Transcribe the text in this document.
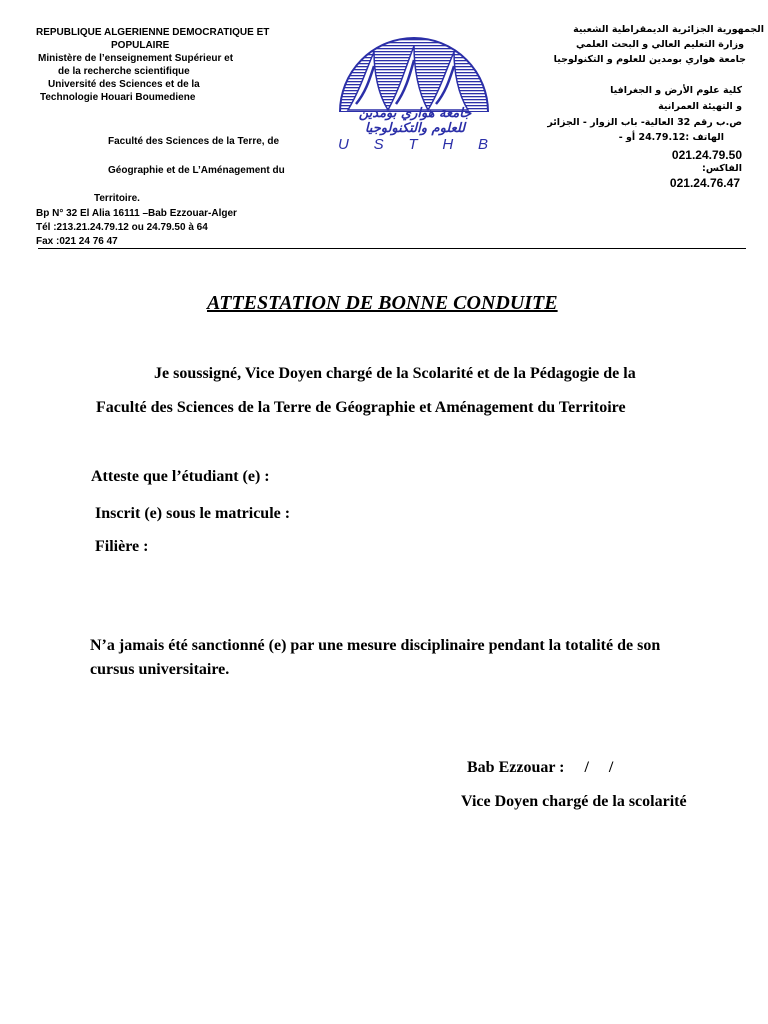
REPUBLIQUE ALGERIENNE DEMOCRATIQUE ET

POPULAIRE

Ministère de l’enseignement Supérieur et

de la recherche scientifique

Université des Sciences et de la

Technologie Houari Boumediene

Faculté des Sciences de la Terre, de

Géographie et de L’Aménagement du

Territoire.

Bp N° 32 El Alia 16111 –Bab Ezzouar-Alger

Tél :213.21.24.79.12 ou 24.79.50 à 64

Fax :021 24 76 47

جامعة هواري بومدين
للعلوم والتكنولوجيا
U S T H B

الجمهورية الجزائرية الديمقراطية الشعبية

وزارة التعليم العالي و البحث العلمي

جامعة هواري بومدين للعلوم و التكنولوجيا

كلية علوم الأرض و الجغرافيا

و التهيئة العمرانية

ص.ب رقم 32 العالية- باب الزوار - الجزائر

الهاتف :24.79.12 أو -

021.24.79.50

الفاكس:

021.24.76.47

ATTESTATION DE BONNE CONDUITE

Je soussigné, Vice Doyen chargé de la Scolarité et de la Pédagogie de la

Faculté des Sciences de la Terre de Géographie et Aménagement du Territoire

Atteste que l’étudiant (e) :

Inscrit (e) sous le matricule :

Filière :

N’a jamais été sanctionné (e) par une mesure disciplinaire pendant la totalité de son

cursus universitaire.

Bab Ezzouar :     /     /

Vice Doyen chargé de la scolarité
